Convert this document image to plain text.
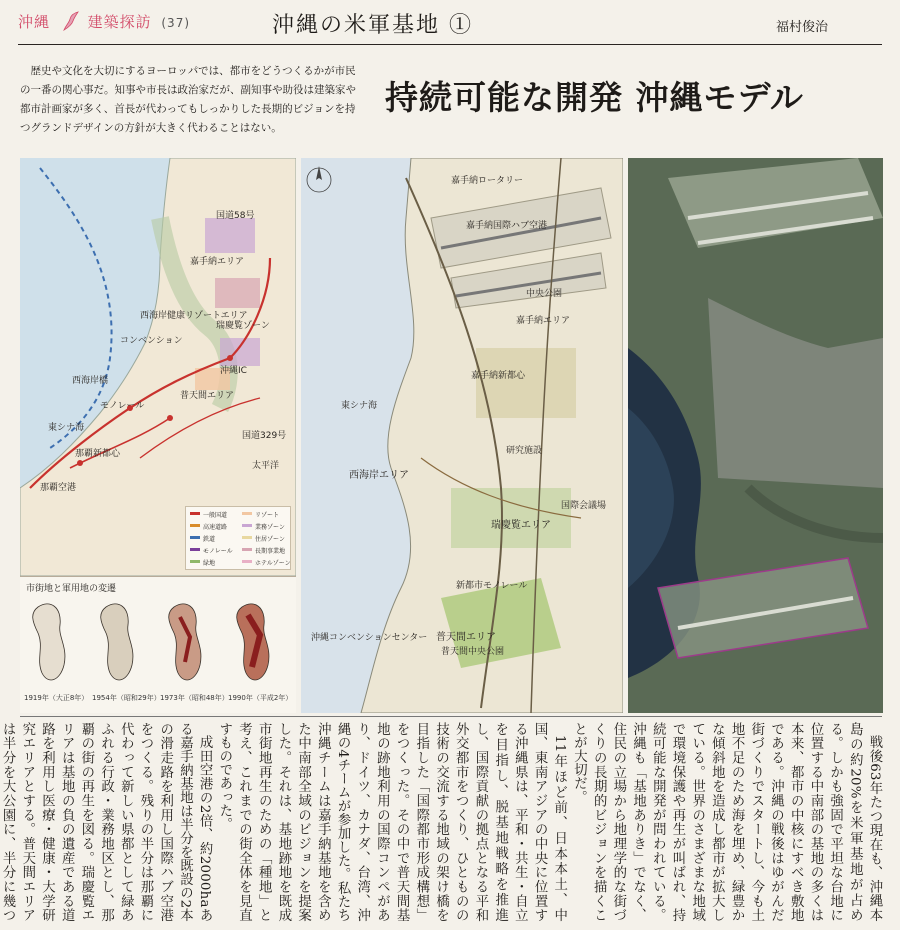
沖縄	建築探訪 (37)	沖縄の米軍基地 ①	福村俊治
歴史や文化を大切にするヨーロッパでは、都市をどうつくるかが市民の一番の関心事だ。知事や市長は政治家だが、副知事や助役は建築家や都市計画家が多く、首長が代わってもしっかりした長期的ビジョンを持つグランドデザインの方針が大きく代わることはない。
持続可能な開発 沖縄モデル
嘉手納エリア
西海岸健康リゾートエリア
コンベンション
普天間エリア
那覇空港
東シナ海
太平洋
西海岸橋
国道58号
国道329号
那覇新都心
瑞慶覧ゾーン
沖縄IC
モノレール
一般国道
高速道路
鉄道
モノレール
緑地
リゾート
業務ゾーン
住居ゾーン
長期事業地
ホテルゾーン
市街地と軍用地の変遷
1919年（大正8年） 1954年（昭和29年） 1973年（昭和48年） 1990年（平成2年）
嘉手納ロータリー
嘉手納国際ハブ空港
嘉手納エリア
嘉手納新都心
東シナ海
西海岸エリア
瑞慶覧エリア
普天間エリア
普天間中央公園
新都市モノレール
沖縄コンベンションセンター
研究施設
中央公園
国際会議場

戦後63年たつ現在も、沖縄本島の約20%を米軍基地が占める。しかも強固で平坦な台地に位置する中南部の基地の多くは本来、都市の中核にすべき敷地である。沖縄の戦後はゆがんだ街づくりでスタートし、今も土地不足のため海を埋め、緑豊かな傾斜地を造成し都市が拡大している。世界のさまざまな地域で環境保護や再生が叫ばれ、持続可能な開発が問われている。沖縄も「基地ありき」でなく、住民の立場から地理学的な街づくりの長期的ビジョンを描くことが大切だ。

11年ほど前、日本本土、中国、東南アジアの中央に位置する沖縄県は、平和・共生・自立を目指し、脱基地戦略を推進し、国際貢献の拠点となる平和外交都市をつくり、ひとものの技術の交流する地域の架け橋を目指した「国際都市形成構想」をつくった。その中で普天間基地の跡地利用の国際コンペがあり、ドイツ、カナダ、台湾、沖縄の4チームが参加した。私たち沖縄チームは嘉手納基地を含めた中南部全域のビジョンを提案した。それは、基地跡地を既成市街地再生のための「種地」と考え、これまでの街全体を見直すものであった。

成田空港の2倍、約2000haある嘉手納基地は半分を既設の2本の滑走路を利用し国際ハブ空港をつくる。残りの半分は那覇に代わって新しい県都として緑あふれる行政・業務地区とし、那覇の街の再生を図る。瑞慶覧エリアは基地の負の遺産である道路を利用し医療・健康・大学研究エリアとする。普天間エリアは半分を大公園に、半分に幾つ
